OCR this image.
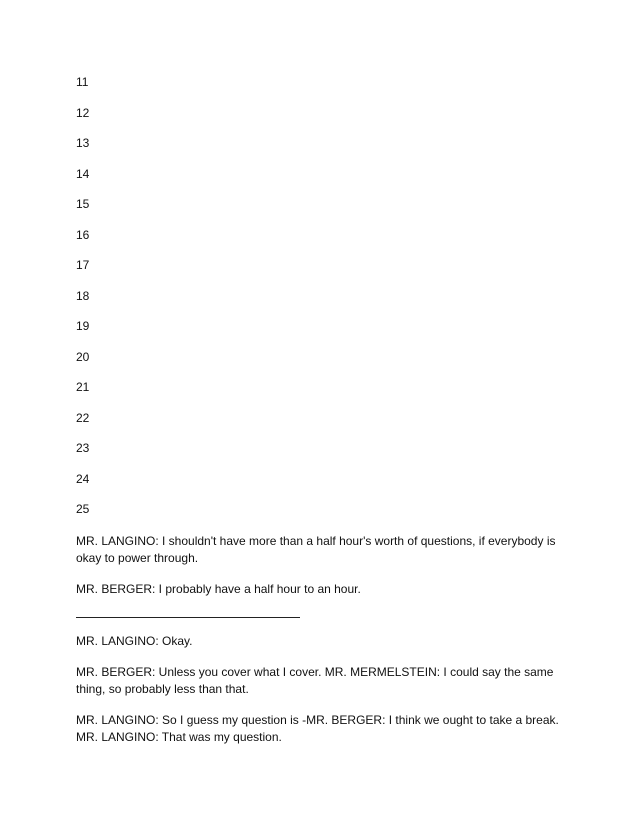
11
12
13
14
15
16
17
18
19
20
21
22
23
24
25

MR. LANGINO: I shouldn't have more than a half hour's worth of questions, if everybody is okay to power through.

MR. BERGER: I probably have a half hour to an hour.

MR. LANGINO: Okay.

MR. BERGER: Unless you cover what I cover. MR. MERMELSTEIN: I could say the same thing, so probably less than that.

MR. LANGINO: So I guess my question is -MR. BERGER: I think we ought to take a break. MR. LANGINO: That was my question.
